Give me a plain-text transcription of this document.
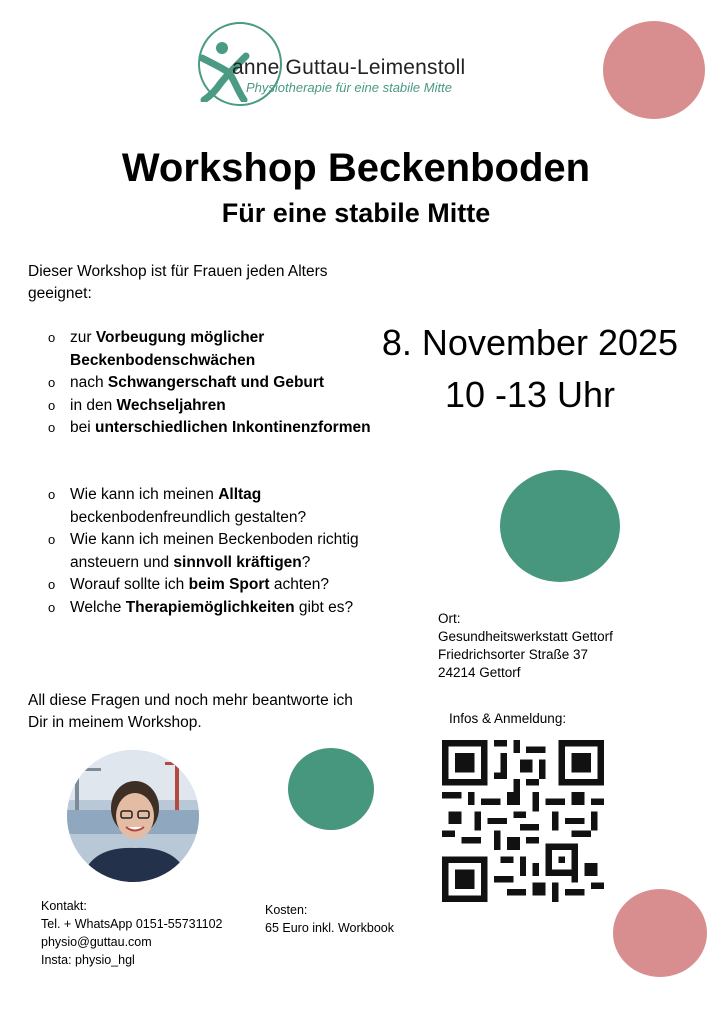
anne Guttau-Leimenstoll
Physiotherapie für eine stabile Mitte
Workshop Beckenboden
Für eine stabile Mitte
8. November 2025
10 -13 Uhr
Dieser Workshop ist für Frauen jeden Alters geeignet:
o zur Vorbeugung möglicher Beckenbodenschwächen
o nach Schwangerschaft und Geburt
o in den Wechseljahren
o bei unterschiedlichen Inkontinenzformen
o Wie kann ich meinen Alltag beckenbodenfreundlich gestalten?
o Wie kann ich meinen Beckenboden richtig ansteuern und sinnvoll kräftigen?
o Worauf sollte ich beim Sport achten?
o Welche Therapiemöglichkeiten gibt es?
All diese Fragen und noch mehr beantworte ich Dir in meinem Workshop.
Ort:
Gesundheitswerkstatt Gettorf
Friedrichsorter Straße 37
24214 Gettorf
Infos & Anmeldung:
Kontakt:
Tel. + WhatsApp 0151-55731102
physio@guttau.com
Insta: physio_hgl
Kosten:
65 Euro inkl. Workbook
